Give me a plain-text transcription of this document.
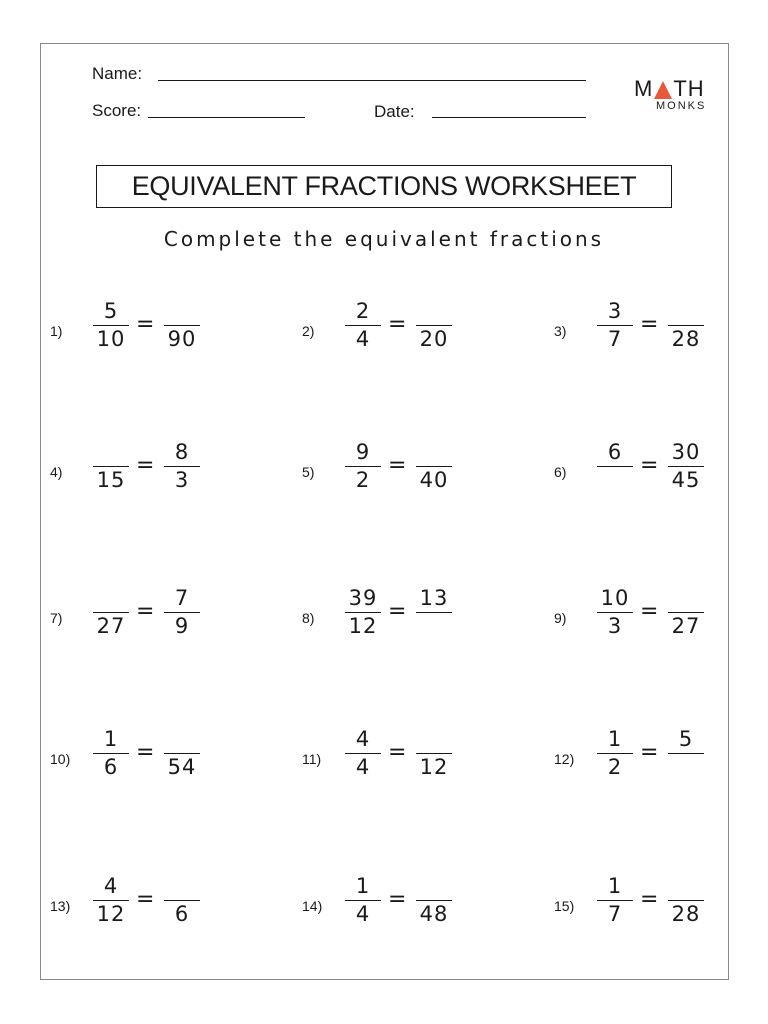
Name:
Score:	Date:
M TH
MONKS
EQUIVALENT FRACTIONS WORKSHEET
Complete the equivalent fractions
1)
5
10
=
90	2)
2
4
=
20	3)
3
7
=
28
4) 15
=
8
3	5)
9
2
=
40	6)
6
=
30
45
7) 27
=
7
9	8)
39
12
=
13
9)
10
3
=
27
10)
1
6
=
54	11)
4
4
=
12	12)
1
2
=
5
13)
4
12
=
6	14)
1
4
=
48	15)
1
7
=
28
